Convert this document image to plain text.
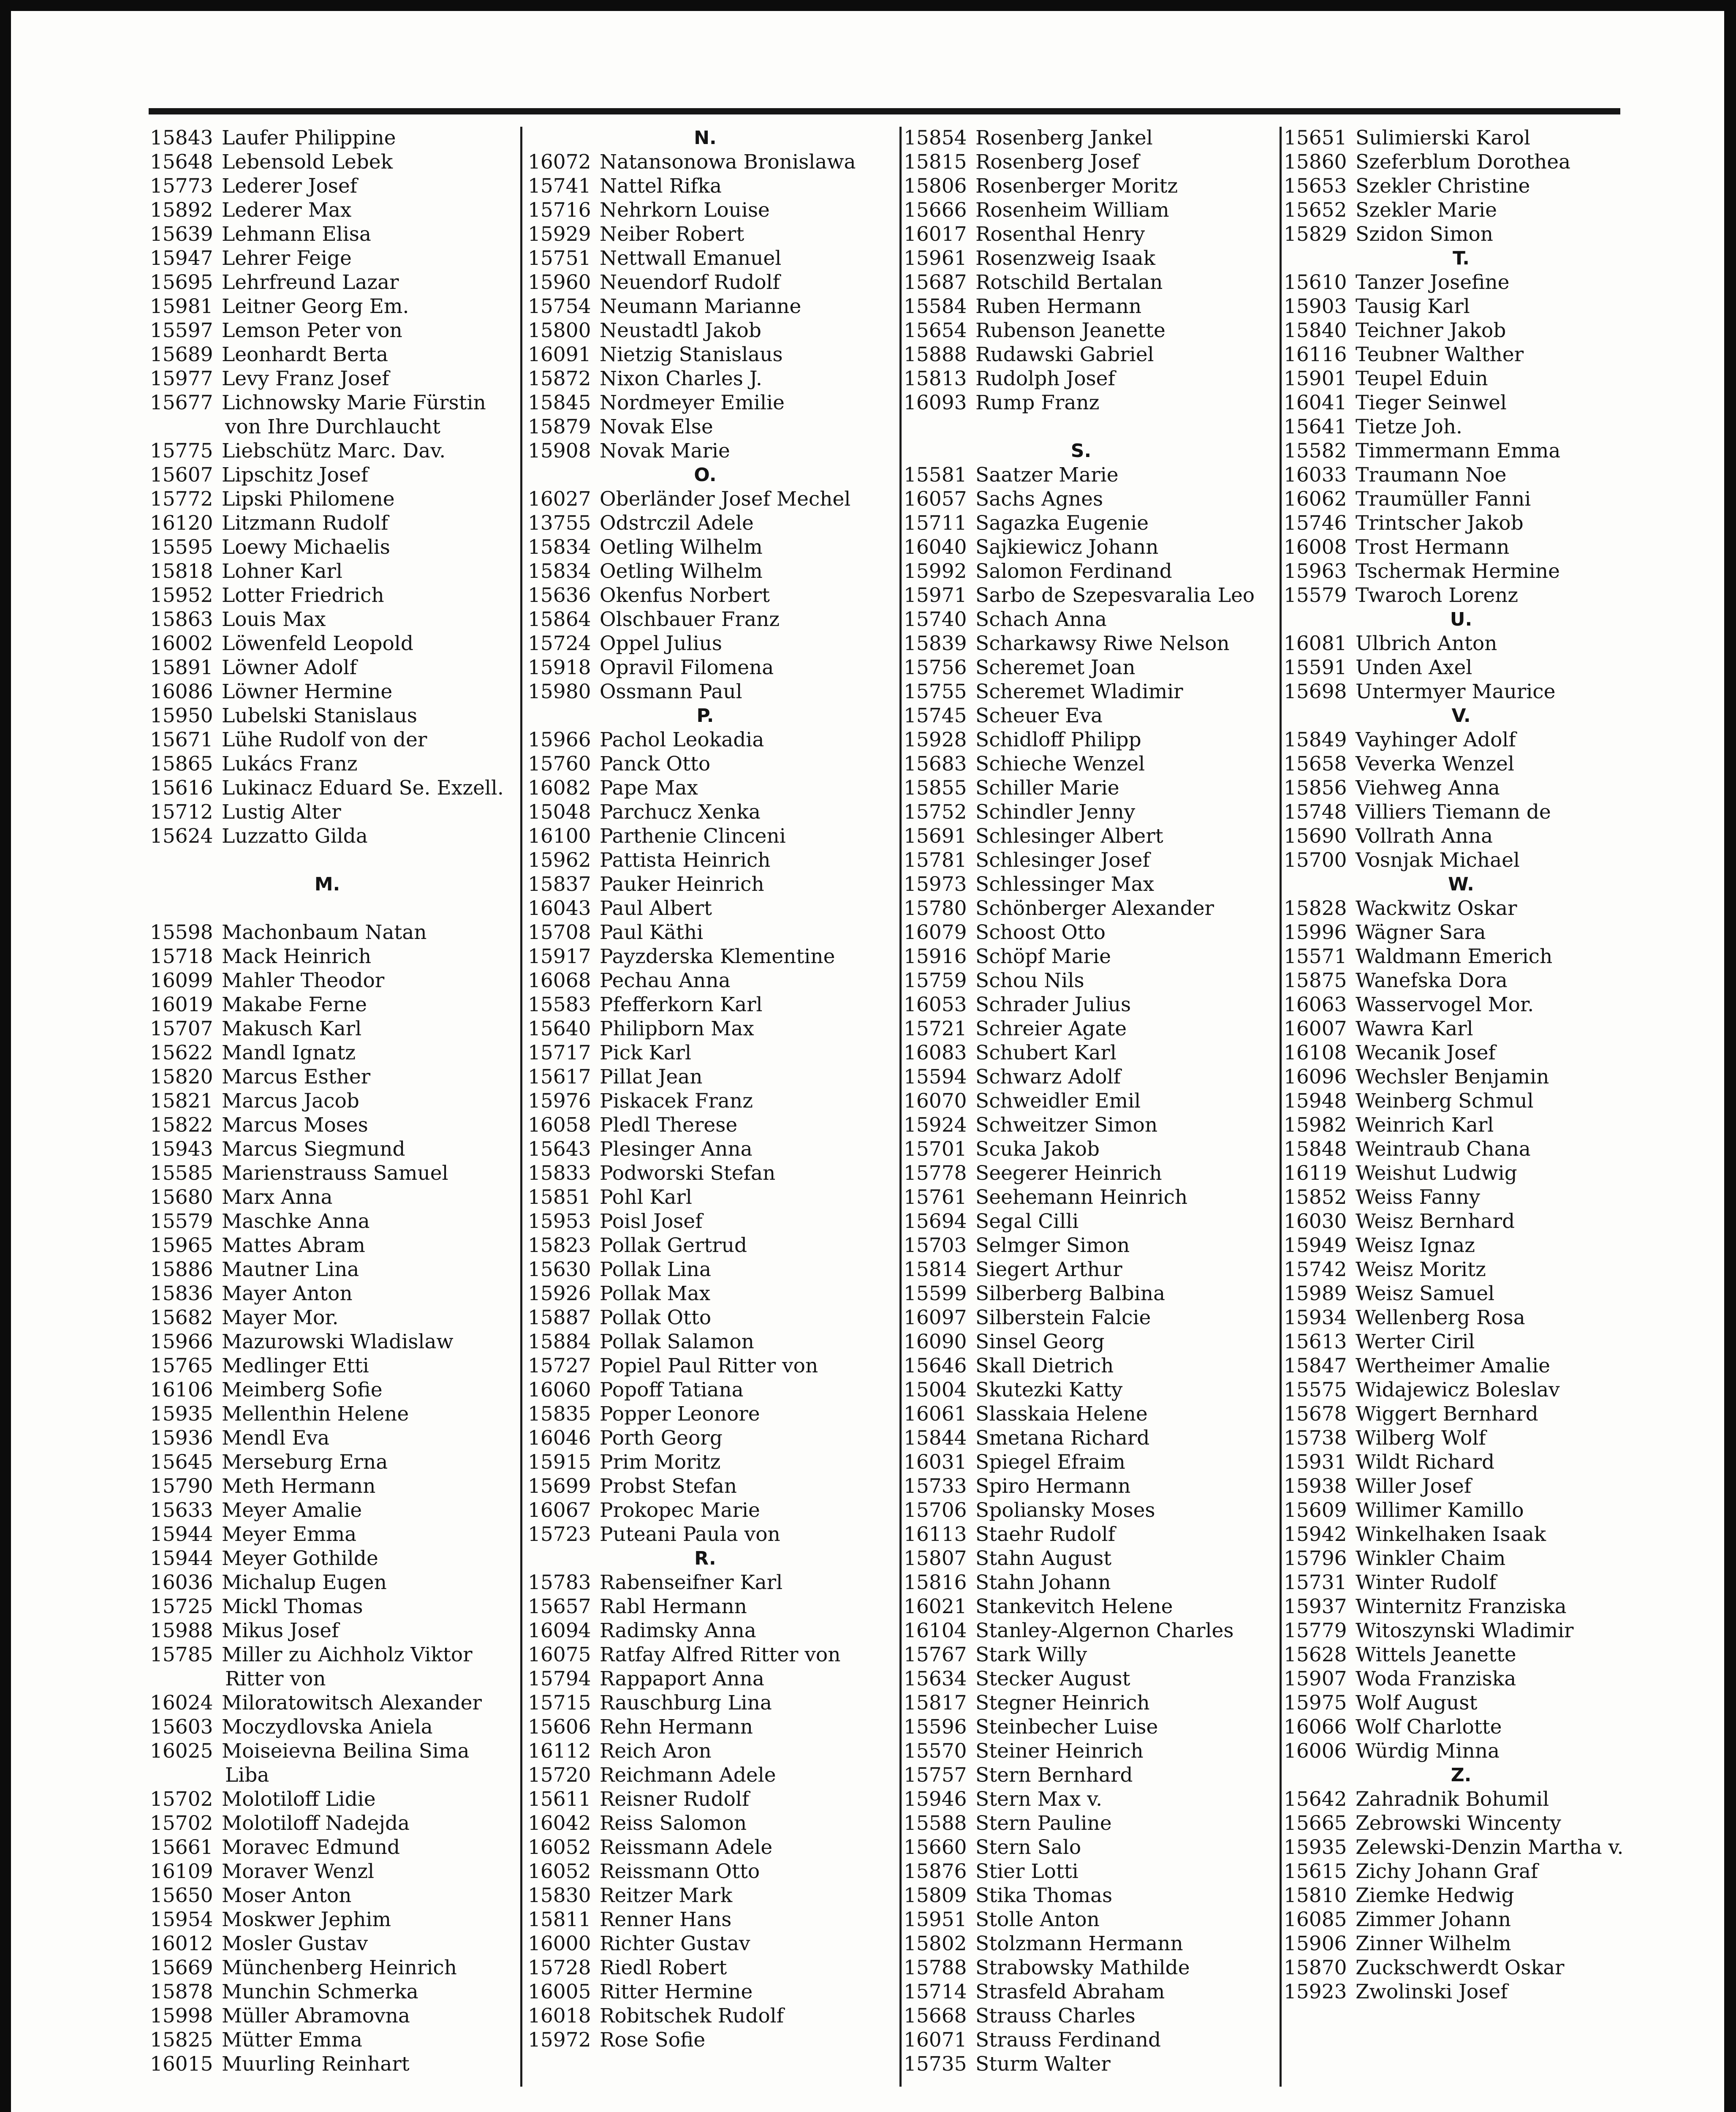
15843 Laufer Philippine
15648 Lebensold Lebek
15773 Lederer Josef
15892 Lederer Max
15639 Lehmann Elisa
15947 Lehrer Feige
15695 Lehrfreund Lazar
15981 Leitner Georg Em.
15597 Lemson Peter von
15689 Leonhardt Berta
15977 Levy Franz Josef
15677 Lichnowsky Marie Fürstin
von Ihre Durchlaucht
15775 Liebschütz Marc. Dav.
15607 Lipschitz Josef
15772 Lipski Philomene
16120 Litzmann Rudolf
15595 Loewy Michaelis
15818 Lohner Karl
15952 Lotter Friedrich
15863 Louis Max
16002 Löwenfeld Leopold
15891 Löwner Adolf
16086 Löwner Hermine
15950 Lubelski Stanislaus
15671 Lühe Rudolf von der
15865 Lukács Franz
15616 Lukinacz Eduard Se. Exzell.
15712 Lustig Alter
15624 Luzzatto Gilda
M.
15598 Machonbaum Natan
15718 Mack Heinrich
16099 Mahler Theodor
16019 Makabe Ferne
15707 Makusch Karl
15622 Mandl Ignatz
15820 Marcus Esther
15821 Marcus Jacob
15822 Marcus Moses
15943 Marcus Siegmund
15585 Marienstrauss Samuel
15680 Marx Anna
15579 Maschke Anna
15965 Mattes Abram
15886 Mautner Lina
15836 Mayer Anton
15682 Mayer Mor.
15966 Mazurowski Wladislaw
15765 Medlinger Etti
16106 Meimberg Sofie
15935 Mellenthin Helene
15936 Mendl Eva
15645 Merseburg Erna
15790 Meth Hermann
15633 Meyer Amalie
15944 Meyer Emma
15944 Meyer Gothilde
16036 Michalup Eugen
15725 Mickl Thomas
15988 Mikus Josef
15785 Miller zu Aichholz Viktor
Ritter von
16024 Miloratowitsch Alexander
15603 Moczydlovska Aniela
16025 Moiseievna Beilina Sima
Liba
15702 Molotiloff Lidie
15702 Molotiloff Nadejda
15661 Moravec Edmund
16109 Moraver Wenzl
15650 Moser Anton
15954 Moskwer Jephim
16012 Mosler Gustav
15669 Münchenberg Heinrich
15878 Munchin Schmerka
15998 Müller Abramovna
15825 Mütter Emma
16015 Muurling Reinhart
N.
16072 Natansonowa Bronislawa
15741 Nattel Rifka
15716 Nehrkorn Louise
15929 Neiber Robert
15751 Nettwall Emanuel
15960 Neuendorf Rudolf
15754 Neumann Marianne
15800 Neustadtl Jakob
16091 Nietzig Stanislaus
15872 Nixon Charles J.
15845 Nordmeyer Emilie
15879 Novak Else
15908 Novak Marie
O.
16027 Oberländer Josef Mechel
13755 Odstrczil Adele
15834 Oetling Wilhelm
15834 Oetling Wilhelm
15636 Okenfus Norbert
15864 Olschbauer Franz
15724 Oppel Julius
15918 Opravil Filomena
15980 Ossmann Paul
P.
15966 Pachol Leokadia
15760 Panck Otto
16082 Pape Max
15048 Parchucz Xenka
16100 Parthenie Clinceni
15962 Pattista Heinrich
15837 Pauker Heinrich
16043 Paul Albert
15708 Paul Käthi
15917 Payzderska Klementine
16068 Pechau Anna
15583 Pfefferkorn Karl
15640 Philipborn Max
15717 Pick Karl
15617 Pillat Jean
15976 Piskacek Franz
16058 Pledl Therese
15643 Plesinger Anna
15833 Podworski Stefan
15851 Pohl Karl
15953 Poisl Josef
15823 Pollak Gertrud
15630 Pollak Lina
15926 Pollak Max
15887 Pollak Otto
15884 Pollak Salamon
15727 Popiel Paul Ritter von
16060 Popoff Tatiana
15835 Popper Leonore
16046 Porth Georg
15915 Prim Moritz
15699 Probst Stefan
16067 Prokopec Marie
15723 Puteani Paula von
R.
15783 Rabenseifner Karl
15657 Rabl Hermann
16094 Radimsky Anna
16075 Ratfay Alfred Ritter von
15794 Rappaport Anna
15715 Rauschburg Lina
15606 Rehn Hermann
16112 Reich Aron
15720 Reichmann Adele
15611 Reisner Rudolf
16042 Reiss Salomon
16052 Reissmann Adele
16052 Reissmann Otto
15830 Reitzer Mark
15811 Renner Hans
16000 Richter Gustav
15728 Riedl Robert
16005 Ritter Hermine
16018 Robitschek Rudolf
15972 Rose Sofie
15854 Rosenberg Jankel
15815 Rosenberg Josef
15806 Rosenberger Moritz
15666 Rosenheim William
16017 Rosenthal Henry
15961 Rosenzweig Isaak
15687 Rotschild Bertalan
15584 Ruben Hermann
15654 Rubenson Jeanette
15888 Rudawski Gabriel
15813 Rudolph Josef
16093 Rump Franz
S.
15581 Saatzer Marie
16057 Sachs Agnes
15711 Sagazka Eugenie
16040 Sajkiewicz Johann
15992 Salomon Ferdinand
15971 Sarbo de Szepesvaralia Leo
15740 Schach Anna
15839 Scharkawsy Riwe Nelson
15756 Scheremet Joan
15755 Scheremet Wladimir
15745 Scheuer Eva
15928 Schidloff Philipp
15683 Schieche Wenzel
15855 Schiller Marie
15752 Schindler Jenny
15691 Schlesinger Albert
15781 Schlesinger Josef
15973 Schlessinger Max
15780 Schönberger Alexander
16079 Schoost Otto
15916 Schöpf Marie
15759 Schou Nils
16053 Schrader Julius
15721 Schreier Agate
16083 Schubert Karl
15594 Schwarz Adolf
16070 Schweidler Emil
15924 Schweitzer Simon
15701 Scuka Jakob
15778 Seegerer Heinrich
15761 Seehemann Heinrich
15694 Segal Cilli
15703 Selmger Simon
15814 Siegert Arthur
15599 Silberberg Balbina
16097 Silberstein Falcie
16090 Sinsel Georg
15646 Skall Dietrich
15004 Skutezki Katty
16061 Slasskaia Helene
15844 Smetana Richard
16031 Spiegel Efraim
15733 Spiro Hermann
15706 Spoliansky Moses
16113 Staehr Rudolf
15807 Stahn August
15816 Stahn Johann
16021 Stankevitch Helene
16104 Stanley-Algernon Charles
15767 Stark Willy
15634 Stecker August
15817 Stegner Heinrich
15596 Steinbecher Luise
15570 Steiner Heinrich
15757 Stern Bernhard
15946 Stern Max v.
15588 Stern Pauline
15660 Stern Salo
15876 Stier Lotti
15809 Stika Thomas
15951 Stolle Anton
15802 Stolzmann Hermann
15788 Strabowsky Mathilde
15714 Strasfeld Abraham
15668 Strauss Charles
16071 Strauss Ferdinand
15735 Sturm Walter
15651 Sulimierski Karol
15860 Szeferblum Dorothea
15653 Szekler Christine
15652 Szekler Marie
15829 Szidon Simon
T.
15610 Tanzer Josefine
15903 Tausig Karl
15840 Teichner Jakob
16116 Teubner Walther
15901 Teupel Eduin
16041 Tieger Seinwel
15641 Tietze Joh.
15582 Timmermann Emma
16033 Traumann Noe
16062 Traumüller Fanni
15746 Trintscher Jakob
16008 Trost Hermann
15963 Tschermak Hermine
15579 Twaroch Lorenz
U.
16081 Ulbrich Anton
15591 Unden Axel
15698 Untermyer Maurice
V.
15849 Vayhinger Adolf
15658 Veverka Wenzel
15856 Viehweg Anna
15748 Villiers Tiemann de
15690 Vollrath Anna
15700 Vosnjak Michael
W.
15828 Wackwitz Oskar
15996 Wägner Sara
15571 Waldmann Emerich
15875 Wanefska Dora
16063 Wasservogel Mor.
16007 Wawra Karl
16108 Wecanik Josef
16096 Wechsler Benjamin
15948 Weinberg Schmul
15982 Weinrich Karl
15848 Weintraub Chana
16119 Weishut Ludwig
15852 Weiss Fanny
16030 Weisz Bernhard
15949 Weisz Ignaz
15742 Weisz Moritz
15989 Weisz Samuel
15934 Wellenberg Rosa
15613 Werter Ciril
15847 Wertheimer Amalie
15575 Widajewicz Boleslav
15678 Wiggert Bernhard
15738 Wilberg Wolf
15931 Wildt Richard
15938 Willer Josef
15609 Willimer Kamillo
15942 Winkelhaken Isaak
15796 Winkler Chaim
15731 Winter Rudolf
15937 Winternitz Franziska
15779 Witoszynski Wladimir
15628 Wittels Jeanette
15907 Woda Franziska
15975 Wolf August
16066 Wolf Charlotte
16006 Würdig Minna
Z.
15642 Zahradnik Bohumil
15665 Zebrowski Wincenty
15935 Zelewski-Denzin Martha v.
15615 Zichy Johann Graf
15810 Ziemke Hedwig
16085 Zimmer Johann
15906 Zinner Wilhelm
15870 Zuckschwerdt Oskar
15923 Zwolinski Josef
